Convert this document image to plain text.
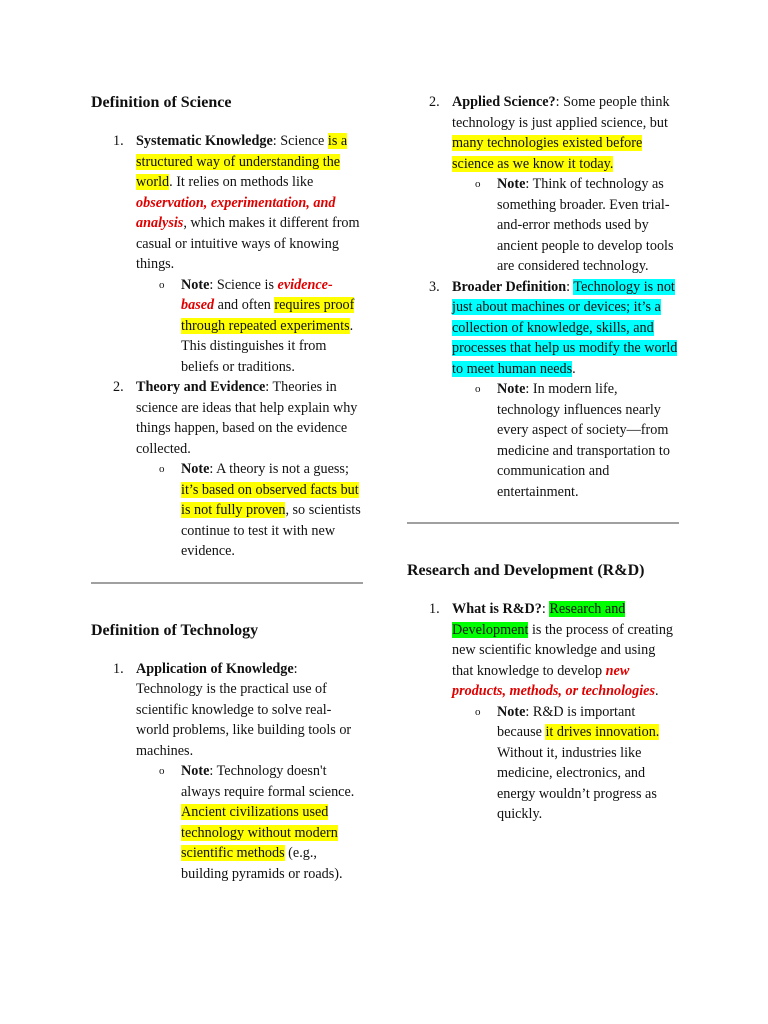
Definition of Science
1. Systematic Knowledge: Science is a structured way of understanding the world. It relies on methods like observation, experimentation, and analysis, which makes it different from casual or intuitive ways of knowing things.
o Note: Science is evidence-based and often requires proof through repeated experiments. This distinguishes it from beliefs or traditions.
2. Theory and Evidence: Theories in science are ideas that help explain why things happen, based on the evidence collected.
o Note: A theory is not a guess; it’s based on observed facts but is not fully proven, so scientists continue to test it with new evidence.
Definition of Technology
1. Application of Knowledge: Technology is the practical use of scientific knowledge to solve real-world problems, like building tools or machines.
o Note: Technology doesn't always require formal science. Ancient civilizations used technology without modern scientific methods (e.g., building pyramids or roads).
2. Applied Science?: Some people think technology is just applied science, but many technologies existed before science as we know it today.
o Note: Think of technology as something broader. Even trial-and-error methods used by ancient people to develop tools are considered technology.
3. Broader Definition: Technology is not just about machines or devices; it’s a collection of knowledge, skills, and processes that help us modify the world to meet human needs.
o Note: In modern life, technology influences nearly every aspect of society—from medicine and transportation to communication and entertainment.
Research and Development (R&D)
1. What is R&D?: Research and Development is the process of creating new scientific knowledge and using that knowledge to develop new products, methods, or technologies.
o Note: R&D is important because it drives innovation. Without it, industries like medicine, electronics, and energy wouldn’t progress as quickly.
